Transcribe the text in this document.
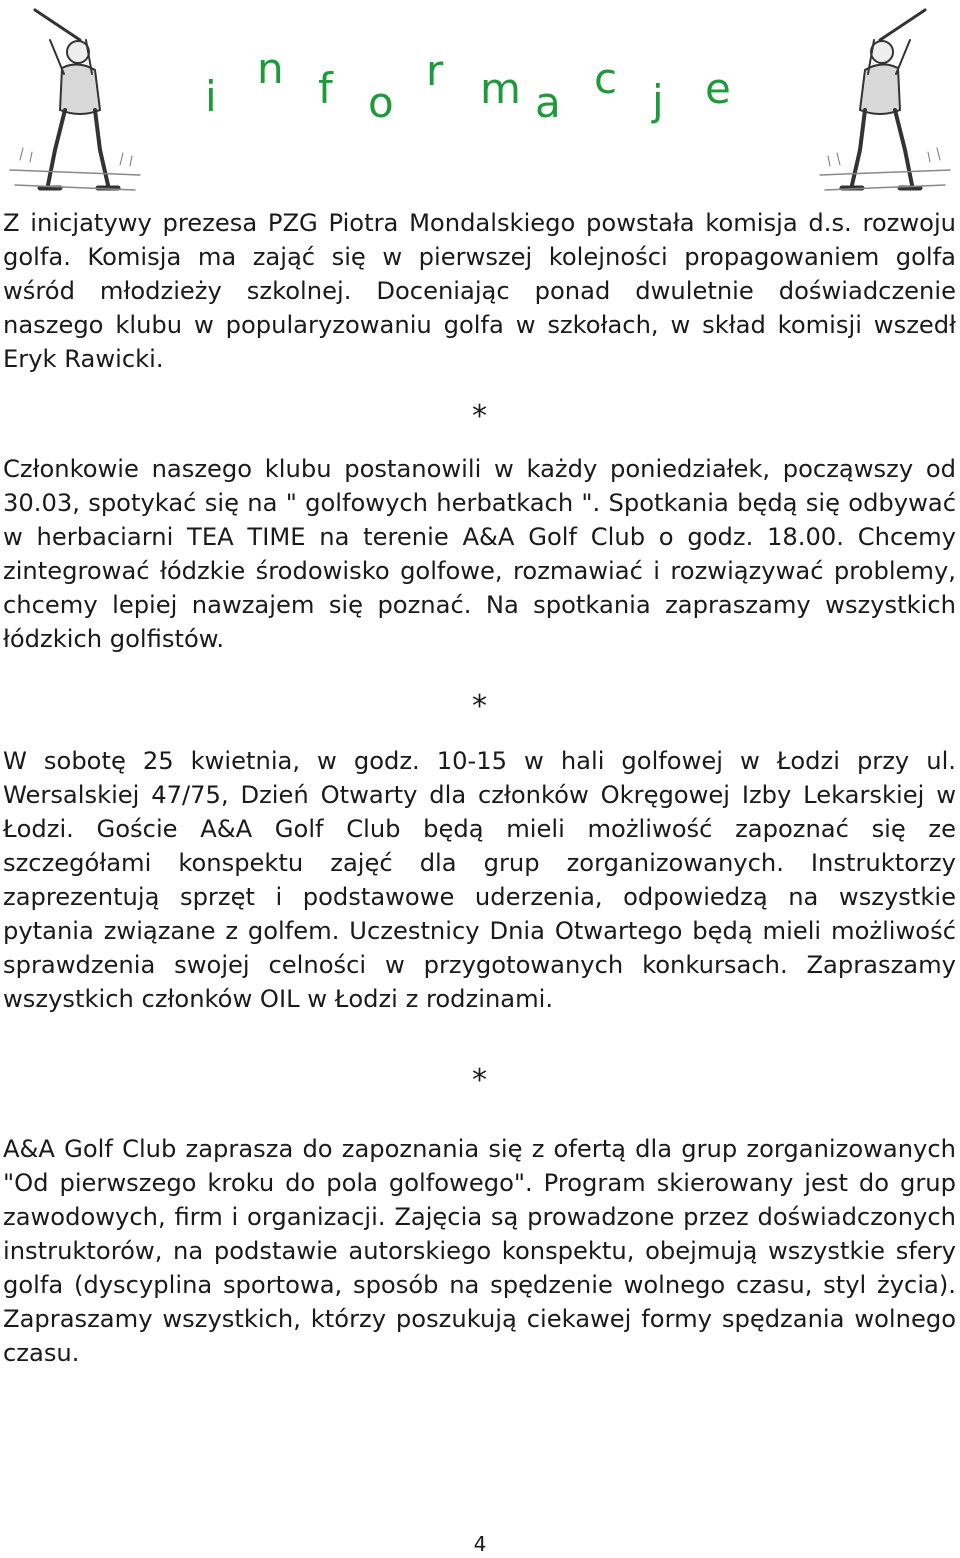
i
n f o
r m a c j e

Z inicjatywy prezesa PZG Piotra Mondalskiego powstała komisja d.s. rozwoju golfa. Komisja ma zająć się w pierwszej kolejności propagowaniem golfa wśród młodzieży szkolnej. Doceniając ponad dwuletnie doświadczenie naszego klubu w popularyzowaniu golfa w szkołach, w skład komisji wszedł Eryk Rawicki.

*

Członkowie naszego klubu postanowili w każdy poniedziałek, począwszy od 30.03, spotykać się na " golfowych herbatkach ". Spotkania będą się odbywać w herbaciarni TEA TIME na terenie A&A Golf Club o godz. 18.00. Chcemy zintegrować łódzkie środowisko golfowe, rozmawiać i rozwiązywać problemy, chcemy lepiej nawzajem się poznać. Na spotkania zapraszamy wszystkich łódzkich golfistów.

*

W sobotę 25 kwietnia, w godz. 10-15 w hali golfowej w Łodzi przy ul. Wersalskiej 47/75, Dzień Otwarty dla członków Okręgowej Izby Lekarskiej w Łodzi. Goście A&A Golf Club będą mieli możliwość zapoznać się ze szczegółami konspektu zajęć dla grup zorganizowanych. Instruktorzy zaprezentują sprzęt i podstawowe uderzenia, odpowiedzą na wszystkie pytania związane z golfem. Uczestnicy Dnia Otwartego będą mieli możliwość sprawdzenia swojej celności w przygotowanych konkursach. Zapraszamy wszystkich członków OIL w Łodzi z rodzinami.

*

A&A Golf Club zaprasza do zapoznania się z ofertą dla grup zorganizowanych "Od pierwszego kroku do pola golfowego". Program skierowany jest do grup zawodowych, firm i organizacji. Zajęcia są prowadzone przez doświadczonych instruktorów, na podstawie autorskiego konspektu, obejmują wszystkie sfery golfa (dyscyplina sportowa, sposób na spędzenie wolnego czasu, styl życia). Zapraszamy wszystkich, którzy poszukują ciekawej formy spędzania wolnego czasu.

4
